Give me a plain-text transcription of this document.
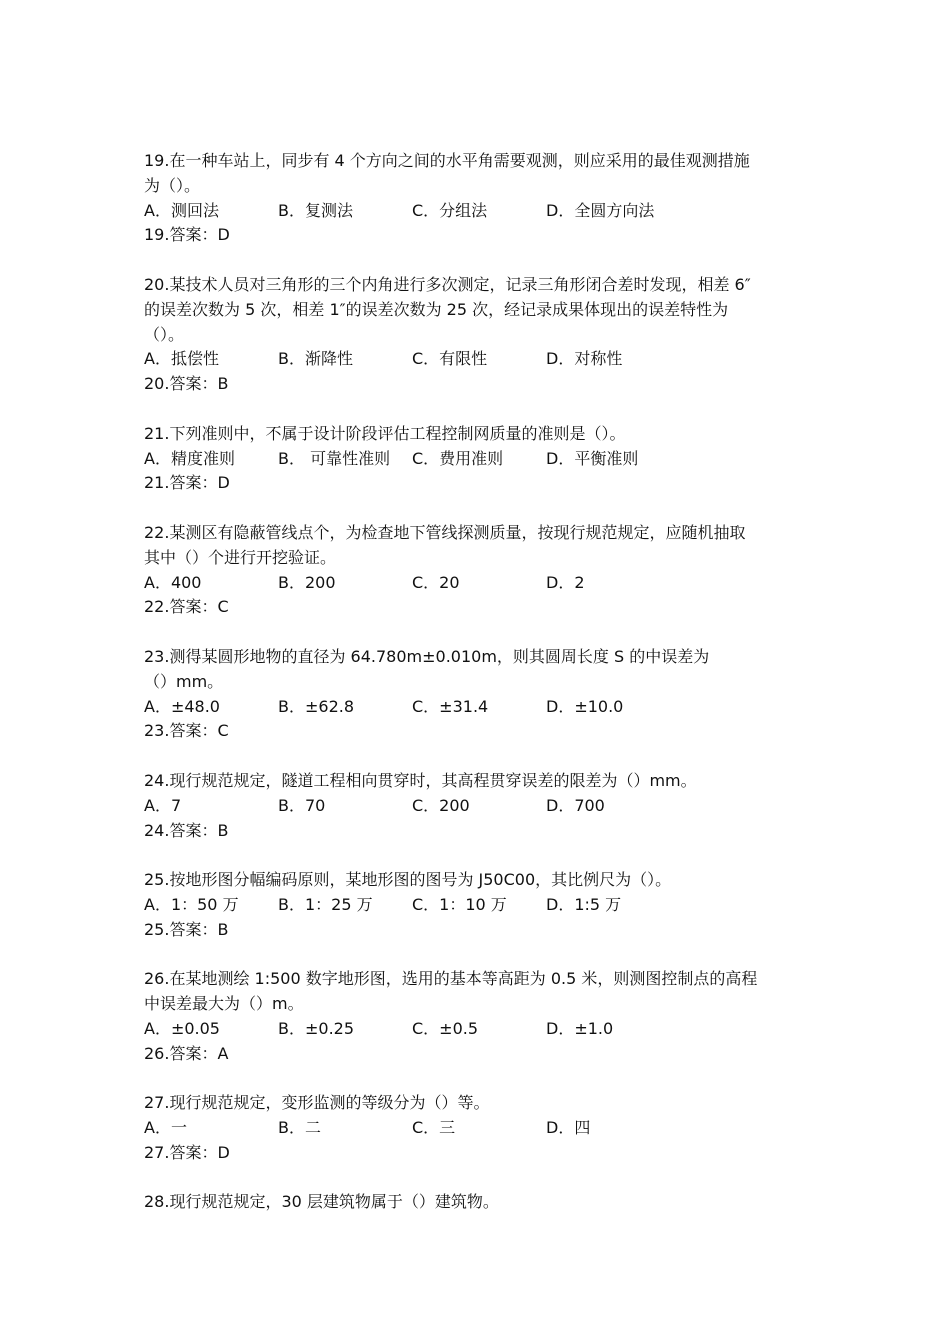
19.在一种车站上，同步有 4 个方向之间的水平角需要观测，则应采用的最佳观测措施
为（）。
A．测回法	B．复测法	C．分组法	D．全圆方向法
19.答案：D
20.某技术人员对三角形的三个内角进行多次测定，记录三角形闭合差时发现，相差 6″
的误差次数为 5 次，相差 1″的误差次数为 25 次，经记录成果体现出的误差特性为
（）。
A．抵偿性	B．渐降性	C．有限性	D．对称性
20.答案：B
21.下列准则中，不属于设计阶段评估工程控制网质量的准则是（）。
A．精度准则	B． 可靠性准则	C．费用准则	D．平衡准则
21.答案：D
22.某测区有隐蔽管线点个，为检查地下管线探测质量，按现行规范规定，应随机抽取
其中（）个进行开挖验证。
A．400	B．200	C．20	D．2
22.答案：C
23.测得某圆形地物的直径为 64.780m±0.010m，则其圆周长度 S 的中误差为
（）mm。
A．±48.0	B．±62.8	C．±31.4	D．±10.0
23.答案：C
24.现行规范规定，隧道工程相向贯穿时，其高程贯穿误差的限差为（）mm。
A．7	B．70	C．200	D．700
24.答案：B
25.按地形图分幅编码原则，某地形图的图号为 J50C00，其比例尺为（）。
A．1：50 万	B．1：25 万	C．1：10 万	D．1:5 万
25.答案：B
26.在某地测绘 1:500 数字地形图，选用的基本等高距为 0.5 米，则测图控制点的高程
中误差最大为（）m。
A．±0.05	B．±0.25	C．±0.5	D．±1.0
26.答案：A
27.现行规范规定，变形监测的等级分为（）等。
A．一	B．二	C．三	D．四
27.答案：D
28.现行规范规定，30 层建筑物属于（）建筑物。
